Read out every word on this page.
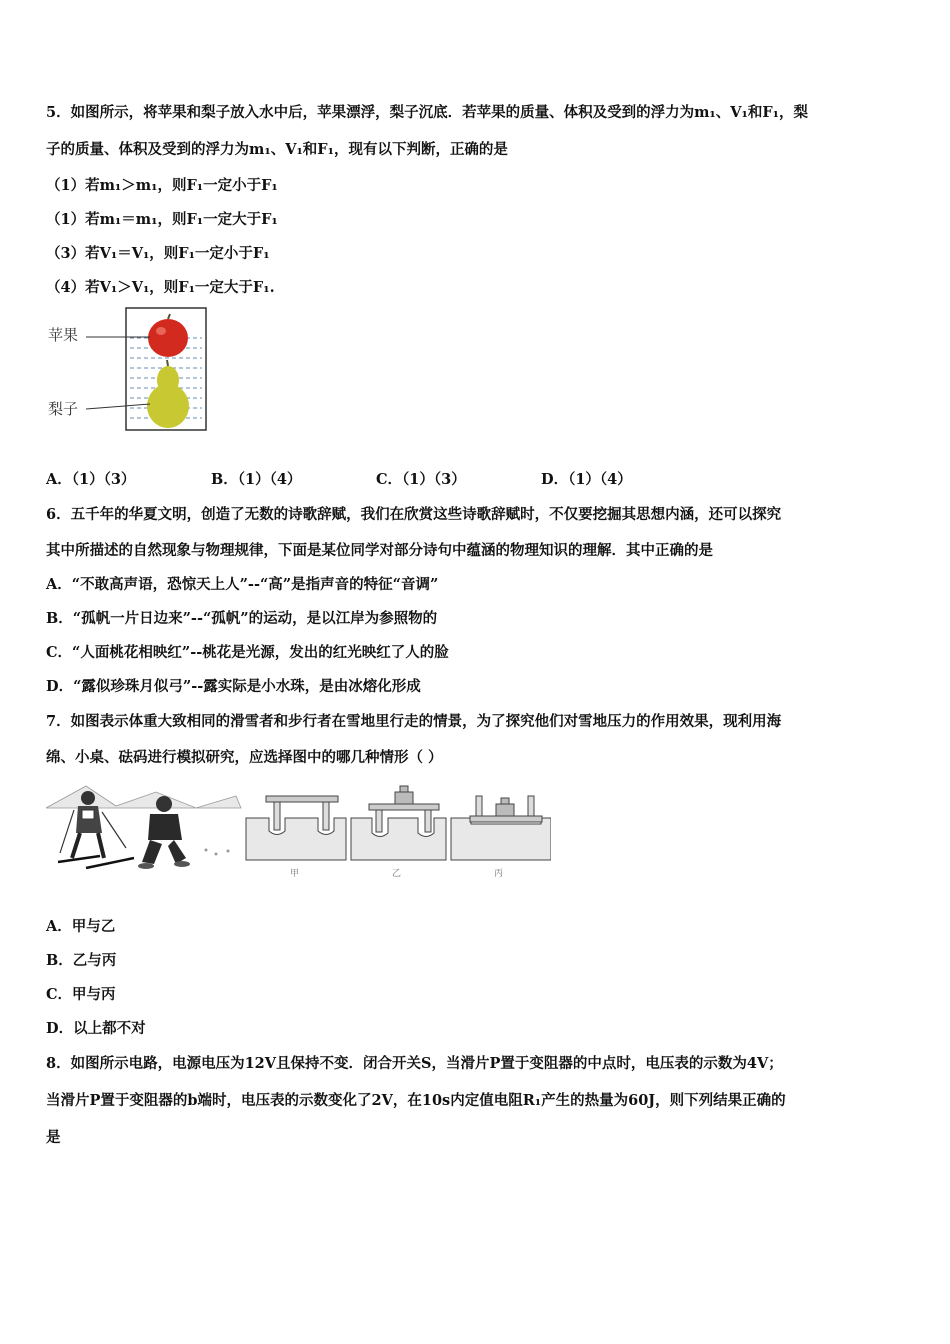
5．如图所示，将苹果和梨子放入水中后，苹果漂浮，梨子沉底．若苹果的质量、体积及受到的浮力为m₁、V₁和F₁，梨
子的质量、体积及受到的浮力为m₁、V₁和F₁，现有以下判断，正确的是
（1）若m₁＞m₁，则F₁一定小于F₁
（1）若m₁＝m₁，则F₁一定大于F₁
（3）若V₁＝V₁，则F₁一定小于F₁
（4）若V₁＞V₁，则F₁一定大于F₁.
苹果
梨子
A．（1）（3）	B．（1）（4）	C．（1）（3）	D．（1）（4）
6．五千年的华夏文明，创造了无数的诗歌辞赋，我们在欣赏这些诗歌辞赋时，不仅要挖掘其思想内涵，还可以探究
其中所描述的自然现象与物理规律，下面是某位同学对部分诗句中蕴涵的物理知识的理解．其中正确的是
A．“不敢高声语，恐惊天上人”--“高”是指声音的特征“音调”
B．“孤帆一片日边来”--“孤帆”的运动，是以江岸为参照物的
C．“人面桃花相映红”--桃花是光源，发出的红光映红了人的脸
D．“露似珍珠月似弓”--露实际是小水珠，是由冰熔化形成
7．如图表示体重大致相同的滑雪者和步行者在雪地里行走的情景，为了探究他们对雪地压力的作用效果，现利用海
绵、小桌、砝码进行模拟研究，应选择图中的哪几种情形（ ）
甲	乙	丙
A．甲与乙
B．乙与丙
C．甲与丙
D．以上都不对
8．如图所示电路，电源电压为12V且保持不变．闭合开关S，当滑片P置于变阻器的中点时，电压表的示数为4V；
当滑片P置于变阻器的b端时，电压表的示数变化了2V，在10s内定值电阻R₁产生的热量为60J，则下列结果正确的
是
